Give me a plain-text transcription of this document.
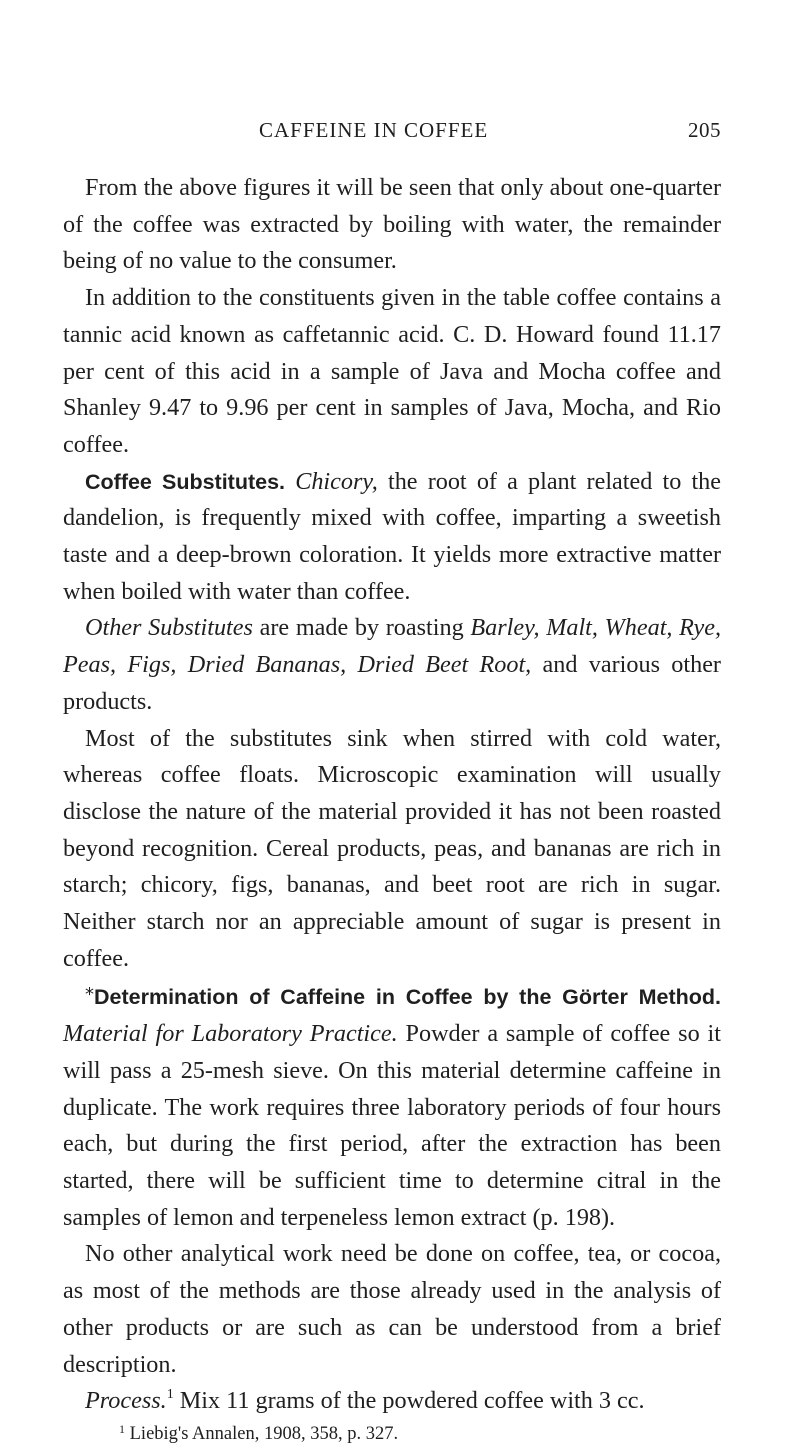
CAFFEINE IN COFFEE	205

From the above figures it will be seen that only about one-quarter of the coffee was extracted by boiling with water, the remainder being of no value to the consumer.

In addition to the constituents given in the table coffee contains a tannic acid known as caffetannic acid. C. D. Howard found 11.17 per cent of this acid in a sample of Java and Mocha coffee and Shanley 9.47 to 9.96 per cent in samples of Java, Mocha, and Rio coffee.

Coffee Substitutes. Chicory, the root of a plant related to the dandelion, is frequently mixed with coffee, imparting a sweetish taste and a deep-brown coloration. It yields more extractive matter when boiled with water than coffee.

Other Substitutes are made by roasting Barley, Malt, Wheat, Rye, Peas, Figs, Dried Bananas, Dried Beet Root, and various other products.

Most of the substitutes sink when stirred with cold water, whereas coffee floats. Microscopic examination will usually disclose the nature of the material provided it has not been roasted beyond recognition. Cereal products, peas, and bananas are rich in starch; chicory, figs, bananas, and beet root are rich in sugar. Neither starch nor an appreciable amount of sugar is present in coffee.

*Determination of Caffeine in Coffee by the Görter Method. Material for Laboratory Practice. Powder a sample of coffee so it will pass a 25-mesh sieve. On this material determine caffeine in duplicate. The work requires three laboratory periods of four hours each, but during the first period, after the extraction has been started, there will be sufficient time to determine citral in the samples of lemon and terpeneless lemon extract (p. 198).

No other analytical work need be done on coffee, tea, or cocoa, as most of the methods are those already used in the analysis of other products or are such as can be understood from a brief description.

Process.$^1$ Mix 11 grams of the powdered coffee with 3 cc.

$^1$ Liebig's Annalen, 1908, 358, p. 327.
